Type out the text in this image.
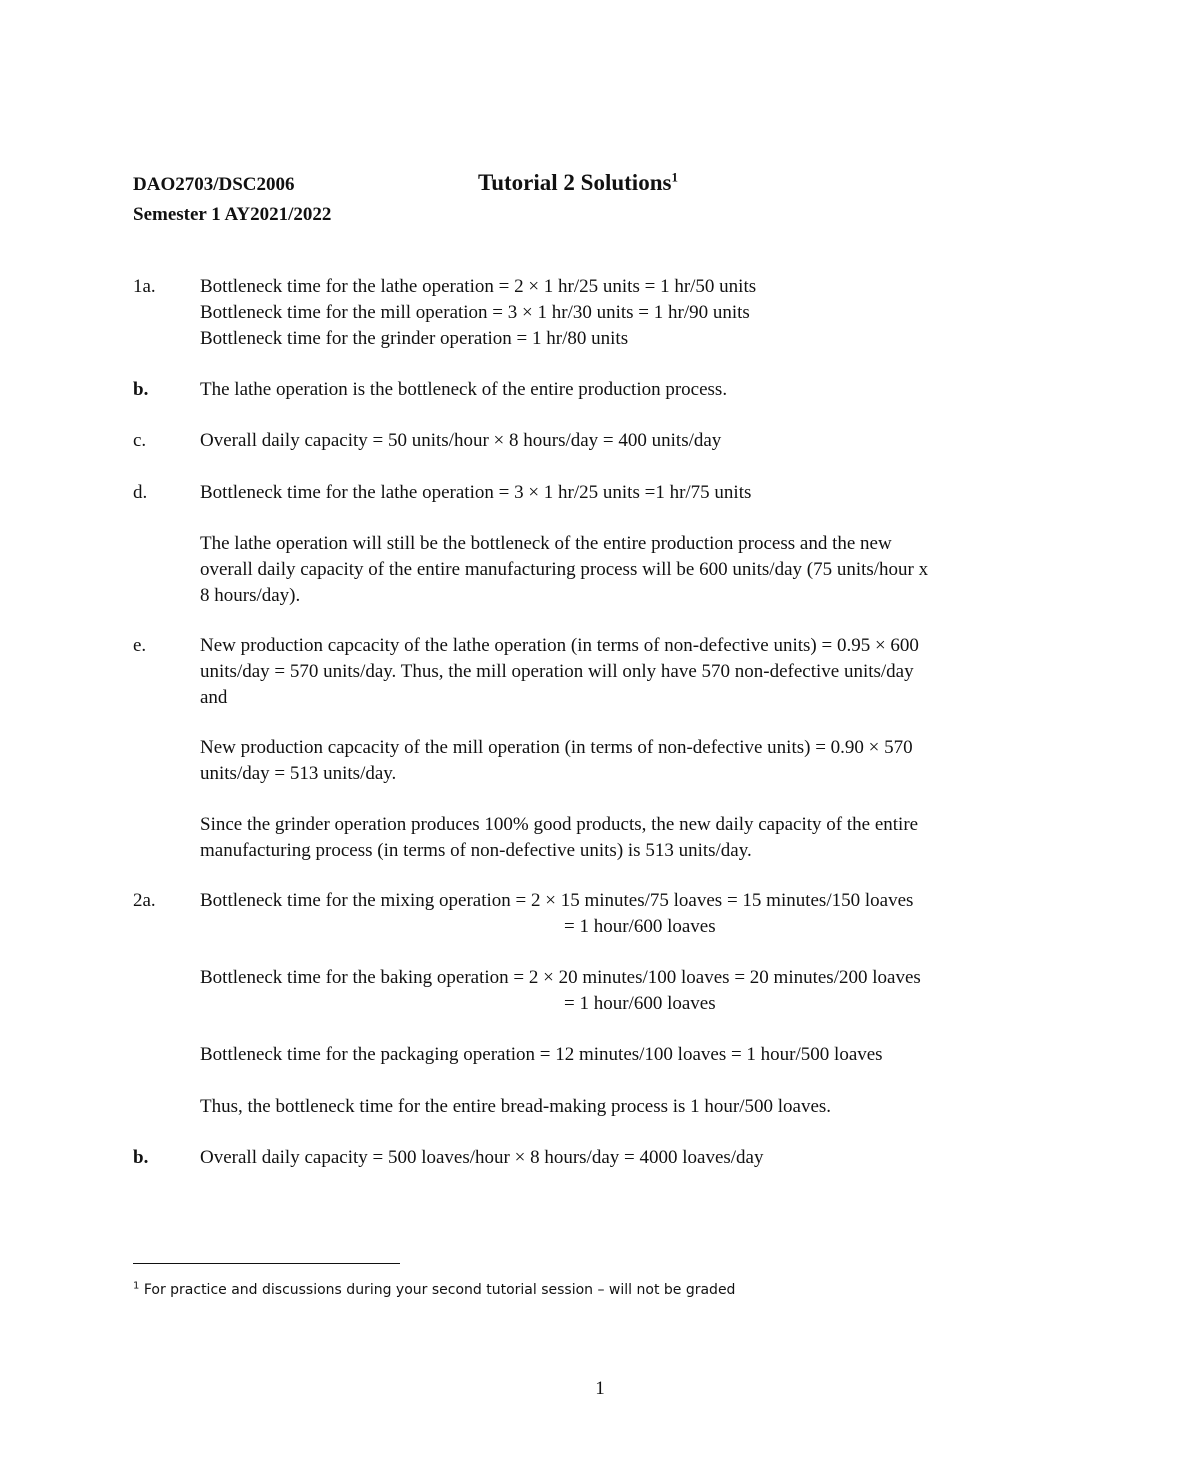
DAO2703/DSC2006
Semester 1 AY2021/2022
Tutorial 2 Solutions$^1$
1a. Bottleneck time for the lathe operation = 2 × 1 hr/25 units = 1 hr/50 units
Bottleneck time for the mill operation = 3 × 1 hr/30 units = 1 hr/90 units
Bottleneck time for the grinder operation = 1 hr/80 units
b.	The lathe operation is the bottleneck of the entire production process.
c.	Overall daily capacity = 50 units/hour × 8 hours/day = 400 units/day
d.	Bottleneck time for the lathe operation = 3 × 1 hr/25 units =1 hr/75 units
The lathe operation will still be the bottleneck of the entire production process and the new
overall daily capacity of the entire manufacturing process will be 600 units/day (75 units/hour x
8 hours/day).
e.	New production capcacity of the lathe operation (in terms of non-defective units) = 0.95 × 600
units/day = 570 units/day. Thus, the mill operation will only have 570 non-defective units/day
and
New production capcacity of the mill operation (in terms of non-defective units) = 0.90 × 570
units/day = 513 units/day.
Since the grinder operation produces 100% good products, the new daily capacity of the entire
manufacturing process (in terms of non-defective units) is 513 units/day.
2a. Bottleneck time for the mixing operation = 2 × 15 minutes/75 loaves = 15 minutes/150 loaves
= 1 hour/600 loaves
Bottleneck time for the baking operation = 2 × 20 minutes/100 loaves = 20 minutes/200 loaves
= 1 hour/600 loaves
Bottleneck time for the packaging operation = 12 minutes/100 loaves = 1 hour/500 loaves
Thus, the bottleneck time for the entire bread-making process is 1 hour/500 loaves.
b.	Overall daily capacity = 500 loaves/hour × 8 hours/day = 4000 loaves/day
$^1$ For practice and discussions during your second tutorial session – will not be graded
1
